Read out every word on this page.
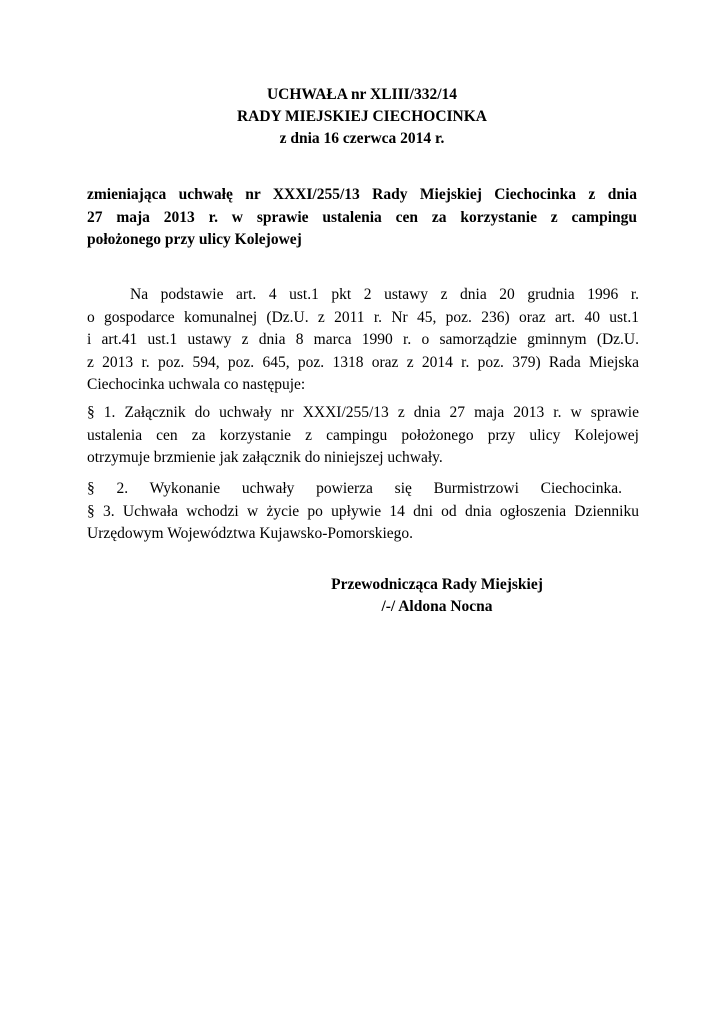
UCHWAŁA nr XLIII/332/14
RADY MIEJSKIEJ CIECHOCINKA
z dnia 16 czerwca 2014 r.
zmieniająca uchwałę nr XXXI/255/13 Rady Miejskiej Ciechocinka z dnia
27 maja 2013 r. w sprawie ustalenia cen za korzystanie z campingu
położonego przy ulicy Kolejowej
Na podstawie art. 4 ust.1 pkt 2 ustawy z dnia 20 grudnia 1996 r.
o gospodarce komunalnej (Dz.U. z 2011 r. Nr 45, poz. 236) oraz art. 40 ust.1
i art.41 ust.1 ustawy z dnia 8 marca 1990 r. o samorządzie gminnym (Dz.U.
z 2013 r. poz. 594, poz. 645, poz. 1318 oraz z 2014 r. poz. 379) Rada Miejska
Ciechocinka uchwala co następuje:
§ 1. Załącznik do uchwały nr XXXI/255/13 z dnia 27 maja 2013 r. w sprawie
ustalenia cen za korzystanie z campingu położonego przy ulicy Kolejowej
otrzymuje brzmienie jak załącznik do niniejszej uchwały.
§ 2. Wykonanie uchwały powierza się Burmistrzowi Ciechocinka.
§ 3. Uchwała wchodzi w życie po upływie 14 dni od dnia ogłoszenia Dzienniku
Urzędowym Województwa Kujawsko-Pomorskiego.
Przewodnicząca Rady Miejskiej
/-/ Aldona Nocna
